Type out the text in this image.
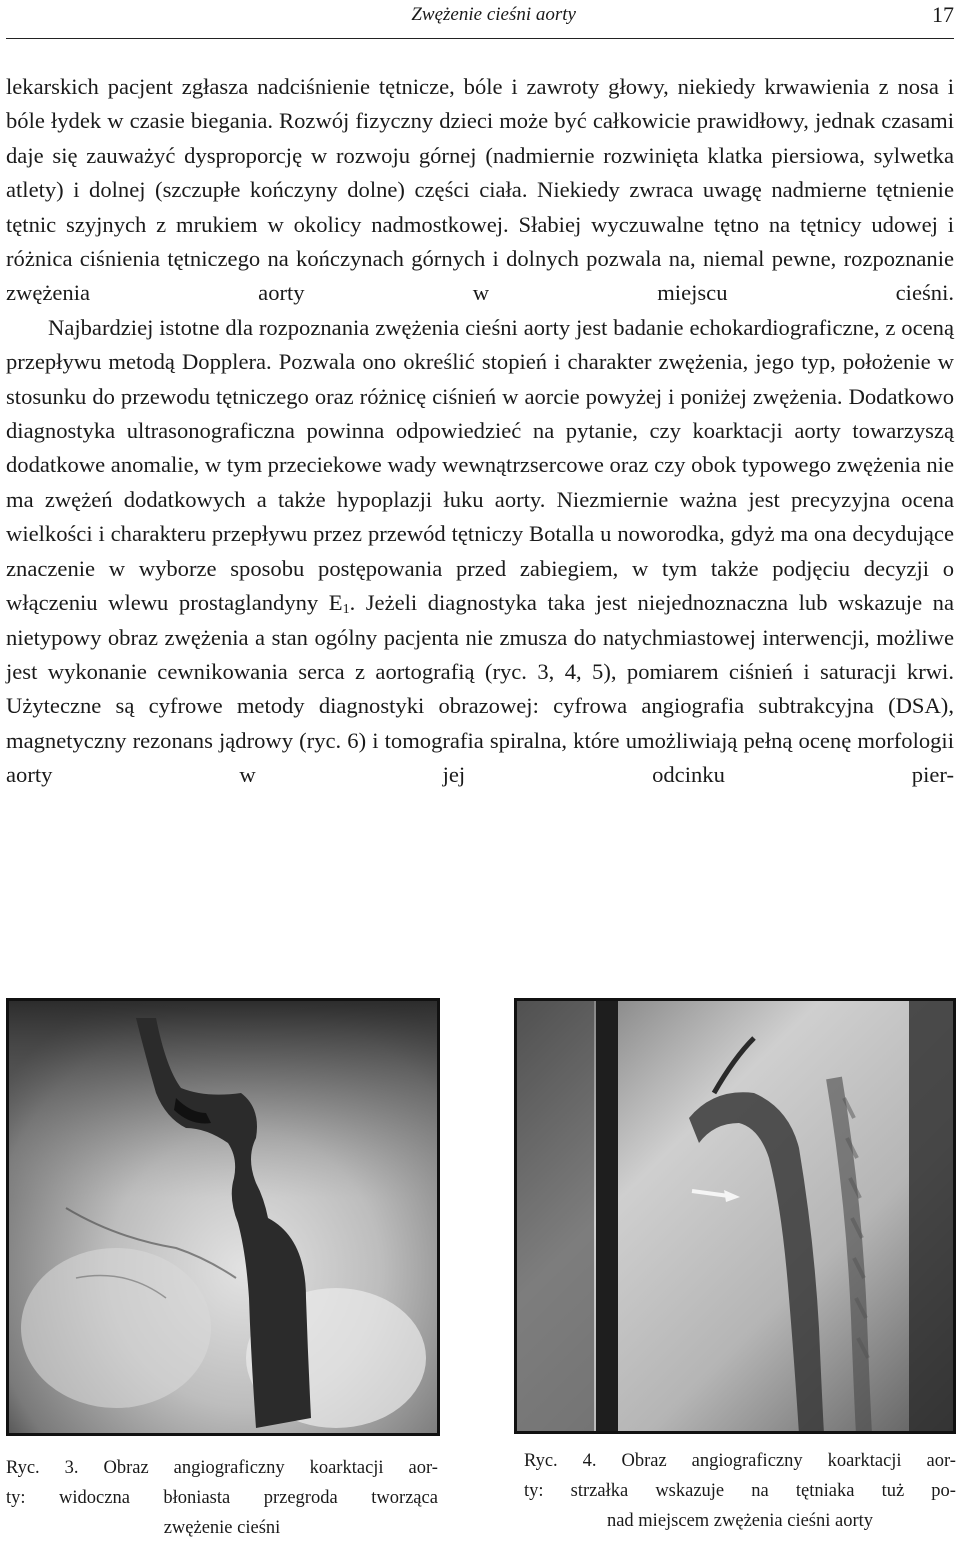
Zwężenie cieśni aorty	17

lekarskich pacjent zgłasza nadciśnienie tętnicze, bóle i zawroty głowy, niekiedy krwawienia z nosa i bóle łydek w czasie biegania. Rozwój fizyczny dzieci może być całkowicie prawidłowy, jednak czasami daje się zauważyć dysproporcję w rozwoju górnej (nadmiernie rozwinięta klatka piersiowa, sylwetka atlety) i dolnej (szczupłe kończyny dolne) części ciała. Niekiedy zwraca uwagę nadmierne tętnienie tętnic szyjnych z mrukiem w okolicy nadmostkowej. Słabiej wyczuwalne tętno na tętnicy udowej i różnica ciśnienia tętniczego na kończynach górnych i dolnych pozwala na, niemal pewne, rozpoznanie zwężenia aorty w miejscu cieśni.

Najbardziej istotne dla rozpoznania zwężenia cieśni aorty jest badanie echokardiograficzne, z oceną przepływu metodą Dopplera. Pozwala ono określić stopień i charakter zwężenia, jego typ, położenie w stosunku do przewodu tętniczego oraz różnicę ciśnień w aorcie powyżej i poniżej zwężenia. Dodatkowo diagnostyka ultrasonograficzna powinna odpowiedzieć na pytanie, czy koarktacji aorty towarzyszą dodatkowe anomalie, w tym przeciekowe wady wewnątrzsercowe oraz czy obok typowego zwężenia nie ma zwężeń dodatkowych a także hypoplazji łuku aorty. Niezmiernie ważna jest precyzyjna ocena wielkości i charakteru przepływu przez przewód tętniczy Botalla u noworodka, gdyż ma ona decydujące znaczenie w wyborze sposobu postępowania przed zabiegiem, w tym także podjęciu decyzji o włączeniu wlewu prostaglandyny $E_1$. Jeżeli diagnostyka taka jest niejednoznaczna lub wskazuje na nietypowy obraz zwężenia a stan ogólny pacjenta nie zmusza do natychmiastowej interwencji, możliwe jest wykonanie cewnikowania serca z aortografią (ryc. 3, 4, 5), pomiarem ciśnień i saturacji krwi. Użyteczne są cyfrowe metody diagnostyki obrazowej: cyfrowa angiografia subtrakcyjna (DSA), magnetyczny rezonans jądrowy (ryc. 6) i tomografia spiralna, które umożliwiają pełną ocenę morfologii aorty w jej odcinku pier-

Ryc. 3. Obraz angiograficzny koarktacji aor-
ty: widoczna błoniasta przegroda tworząca
zwężenie cieśni
Ryc. 4. Obraz angiograficzny koarktacji aor-
ty: strzałka wskazuje na tętniaka tuż po-
nad miejscem zwężenia cieśni aorty
